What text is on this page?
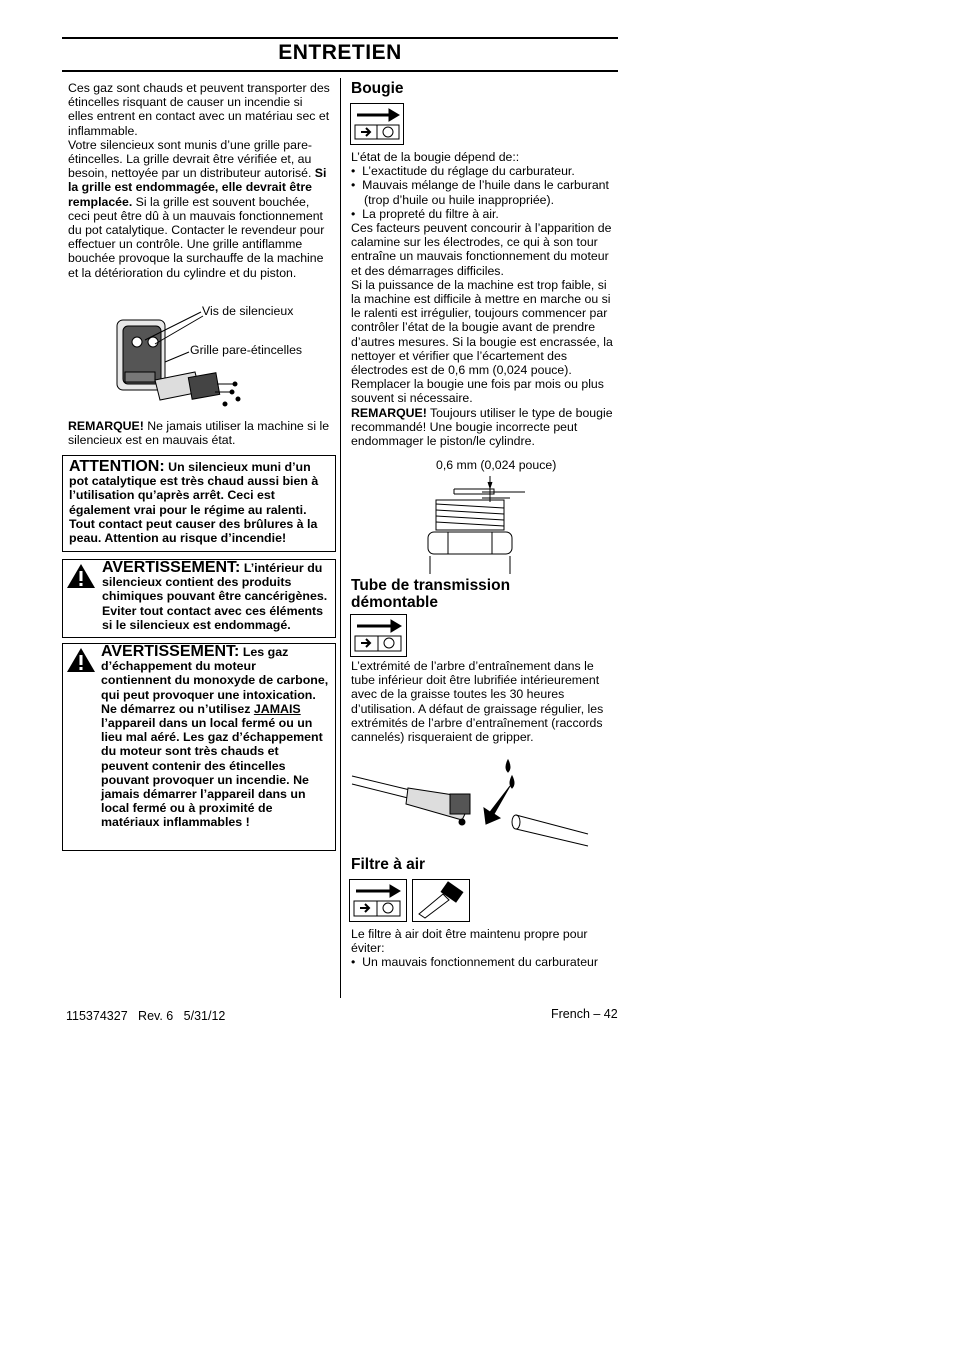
ENTRETIEN

Ces gaz sont chauds et peuvent transporter des étincelles risquant de causer un incendie si elles entrent en contact avec un matériau sec et inflammable.

Votre silencieux sont munis d’une grille pare-étincelles. La grille devrait être vérifiée et, au besoin, nettoyée par un distributeur autorisé. Si la grille est endommagée, elle devrait être remplacée. Si la grille est souvent bouchée, ceci peut être dû à un mauvais fonctionnement du pot catalytique. Contacter le revendeur pour effectuer un contrôle. Une grille antiflamme bouchée provoque la surchauffe de la machine et la détérioration du cylindre et du piston.

Vis de silencieux
Grille pare-étincelles

REMARQUE! Ne jamais utiliser la machine si le silencieux est en mauvais état.

ATTENTION: Un silencieux muni d’un pot catalytique est très chaud aussi bien à l’utilisation qu’après arrêt. Ceci est également vrai pour le régime au ralenti. Tout contact peut causer des brûlures à la peau. Attention au risque d’incendie!
AVERTISSEMENT: L’intérieur du silencieux contient des produits chimiques pouvant être cancérigènes. Eviter tout contact avec ces éléments si le silencieux est endommagé.
AVERTISSEMENT: Les gaz d’échappement du moteur contiennent du monoxyde de carbone, qui peut provoquer une intoxication. Ne démarrez ou n’utilisez JAMAIS l’appareil dans un local fermé ou un lieu mal aéré. Les gaz d’échappement du moteur sont très chauds et peuvent contenir des étincelles pouvant provoquer un incendie. Ne jamais démarrer l’appareil dans un local fermé ou à proximité de matériaux inflammables !
Bougie

L’état de la bougie dépend de::

•  L’exactitude du réglage du carburateur.

•  Mauvais mélange de l’huile dans le carburant (trop d’huile ou huile inappropriée).

•  La propreté du filtre à air.

Ces facteurs peuvent concourir à l’apparition de calamine sur les électrodes, ce qui à son tour entraîne un mauvais fonctionnement du moteur et des démarrages difficiles.

Si la puissance de la machine est trop faible, si la machine est difficile à mettre en marche ou si le ralenti est irrégulier, toujours commencer par contrôler l’état de la bougie avant de prendre d’autres mesures. Si la bougie est encrassée, la nettoyer et vérifier que l’écartement des électrodes est de 0,6 mm (0,024 pouce). Remplacer la bougie une fois par mois ou plus souvent si nécessaire.

REMARQUE! Toujours utiliser le type de bougie recommandé! Une bougie incorrecte peut endommager le piston/le cylindre.

0,6 mm (0,024 pouce)
Tube de transmission démontable
L’extrémité de l’arbre d’entraînement dans le tube inférieur doit être lubrifiée intérieurement avec de la graisse toutes les 30 heures d’utilisation. A défaut de graissage régulier, les extrémités de l’arbre d’entraînement (raccords cannelés) risqueraient de gripper.
Filtre à air

Le filtre à air doit être maintenu propre pour éviter:

•  Un mauvais fonctionnement du carburateur

115374327   Rev. 6   5/31/12	French – 42
